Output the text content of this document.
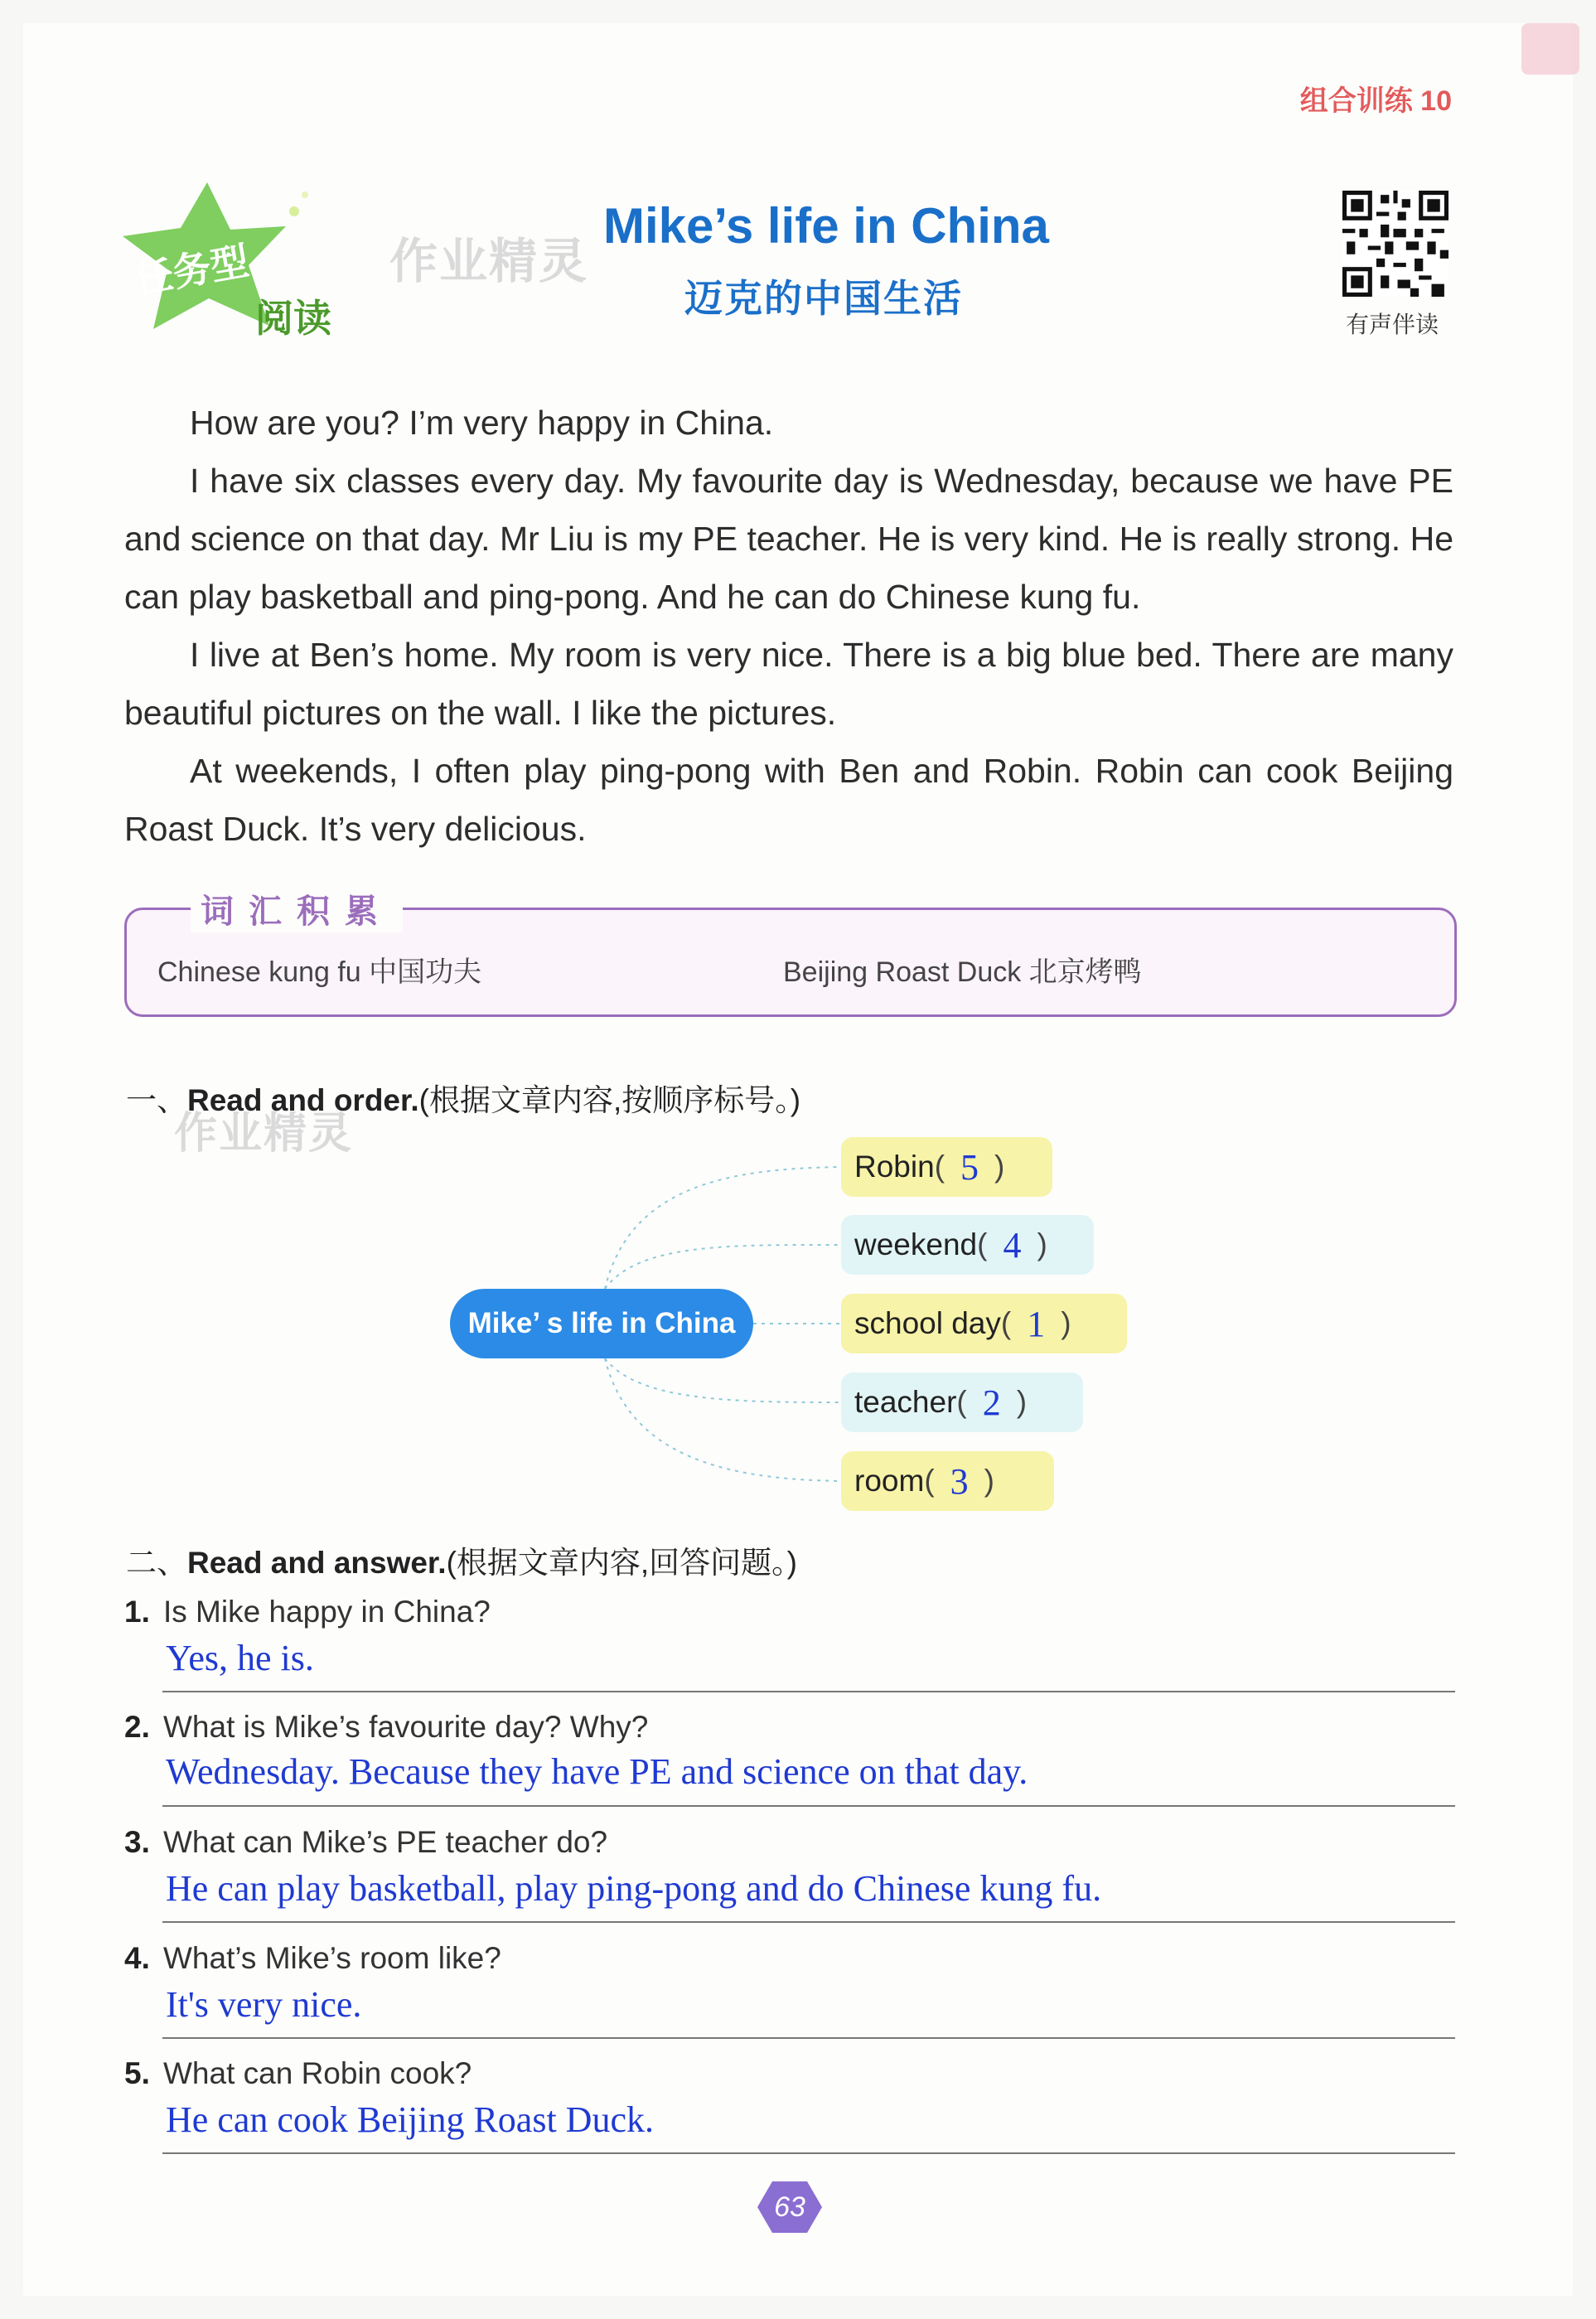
组合训练 10
任务型
阅读
作业精灵
Mike’s life in China
迈克的中国生活
有声伴读

How are you? I’m very happy in China.

I have six classes every day. My favourite day is Wednesday, because we have PE and science on that day. Mr Liu is my PE teacher. He is very kind. He is really strong. He can play basketball and ping-pong. And he can do Chinese kung fu.

I live at Ben’s home. My room is very nice. There is a big blue bed. There are many beautiful pictures on the wall. I like the pictures.

At weekends, I often play ping-pong with Ben and Robin. Robin can cook Beijing Roast Duck. It’s very delicious.

词汇积累
Chinese kung fu 中国功夫	Beijing Roast Duck 北京烤鸭
一、Read and order.(根据文章内容,按顺序标号。)
作业精灵
Mike’ s life in China
Robin ( 5 )
weekend ( 4 )
school day ( 1 )
teacher ( 2 )
room ( 3 )
二、Read and answer.(根据文章内容,回答问题。)
1. Is Mike happy in China?
Yes, he is.
2. What is Mike’s favourite day? Why?
Wednesday. Because they have PE and science on that day.
3. What can Mike’s PE teacher do?
He can play basketball, play ping-pong and do Chinese kung fu.
4. What’s Mike’s room like?
It's very nice.
5. What can Robin cook?
He can cook Beijing Roast Duck.
63
